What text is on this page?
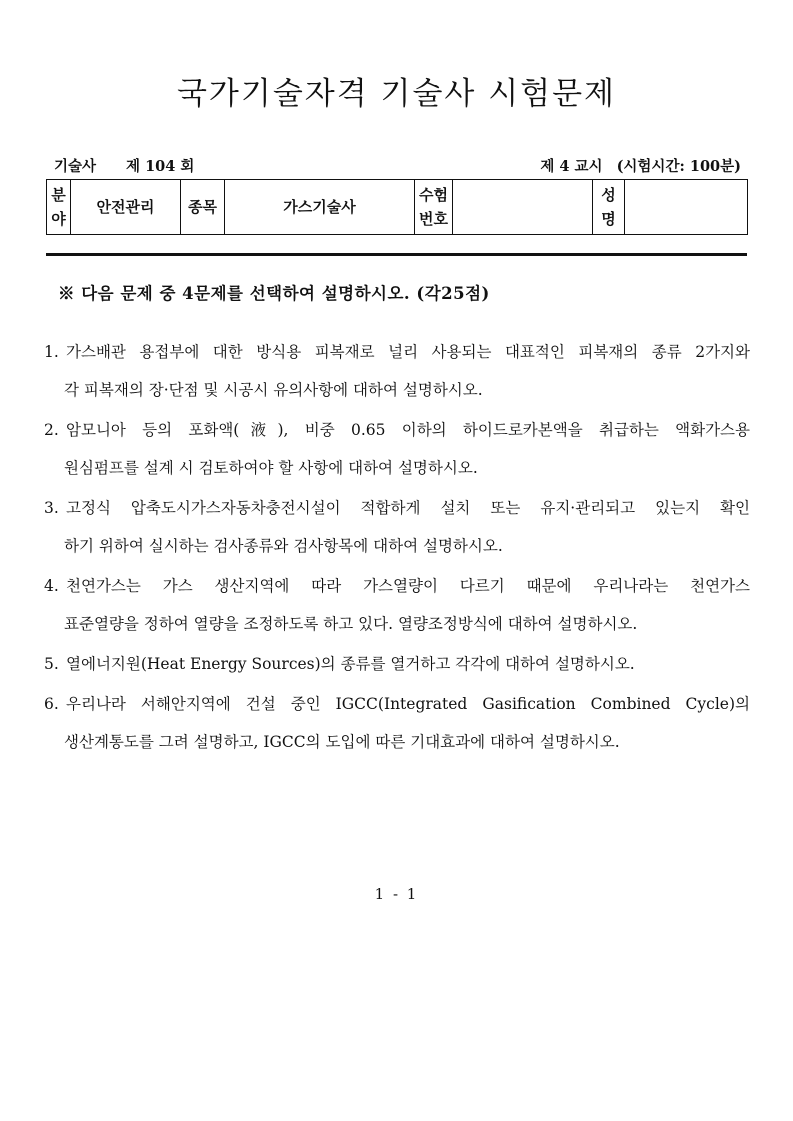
국가기술자격 기술사 시험문제
기술사 제 104 회	제 4 교시 (시험시간: 100분)
분야	안전관리	종목	가스기술사	수험번호		성명	
※ 다음 문제 중 4문제를 선택하여 설명하시오. (각25점)
1. 가스배관 용접부에 대한 방식용 피복재로 널리 사용되는 대표적인 피복재의 종류 2가지와
각 피복재의 장·단점 및 시공시 유의사항에 대하여 설명하시오.
2. 암모니아 등의 포화액(液), 비중 0.65 이하의 하이드로카본액을 취급하는 액화가스용
원심펌프를 설계 시 검토하여야 할 사항에 대하여 설명하시오.
3. 고정식 압축도시가스자동차충전시설이 적합하게 설치 또는 유지·관리되고 있는지 확인
하기 위하여 실시하는 검사종류와 검사항목에 대하여 설명하시오.
4. 천연가스는 가스 생산지역에 따라 가스열량이 다르기 때문에 우리나라는 천연가스
표준열량을 정하여 열량을 조정하도록 하고 있다. 열량조정방식에 대하여 설명하시오.
5. 열에너지원(Heat Energy Sources)의 종류를 열거하고 각각에 대하여 설명하시오.
6. 우리나라 서해안지역에 건설 중인 IGCC(Integrated Gasification Combined Cycle)의
생산계통도를 그려 설명하고, IGCC의 도입에 따른 기대효과에 대하여 설명하시오.
1 - 1
